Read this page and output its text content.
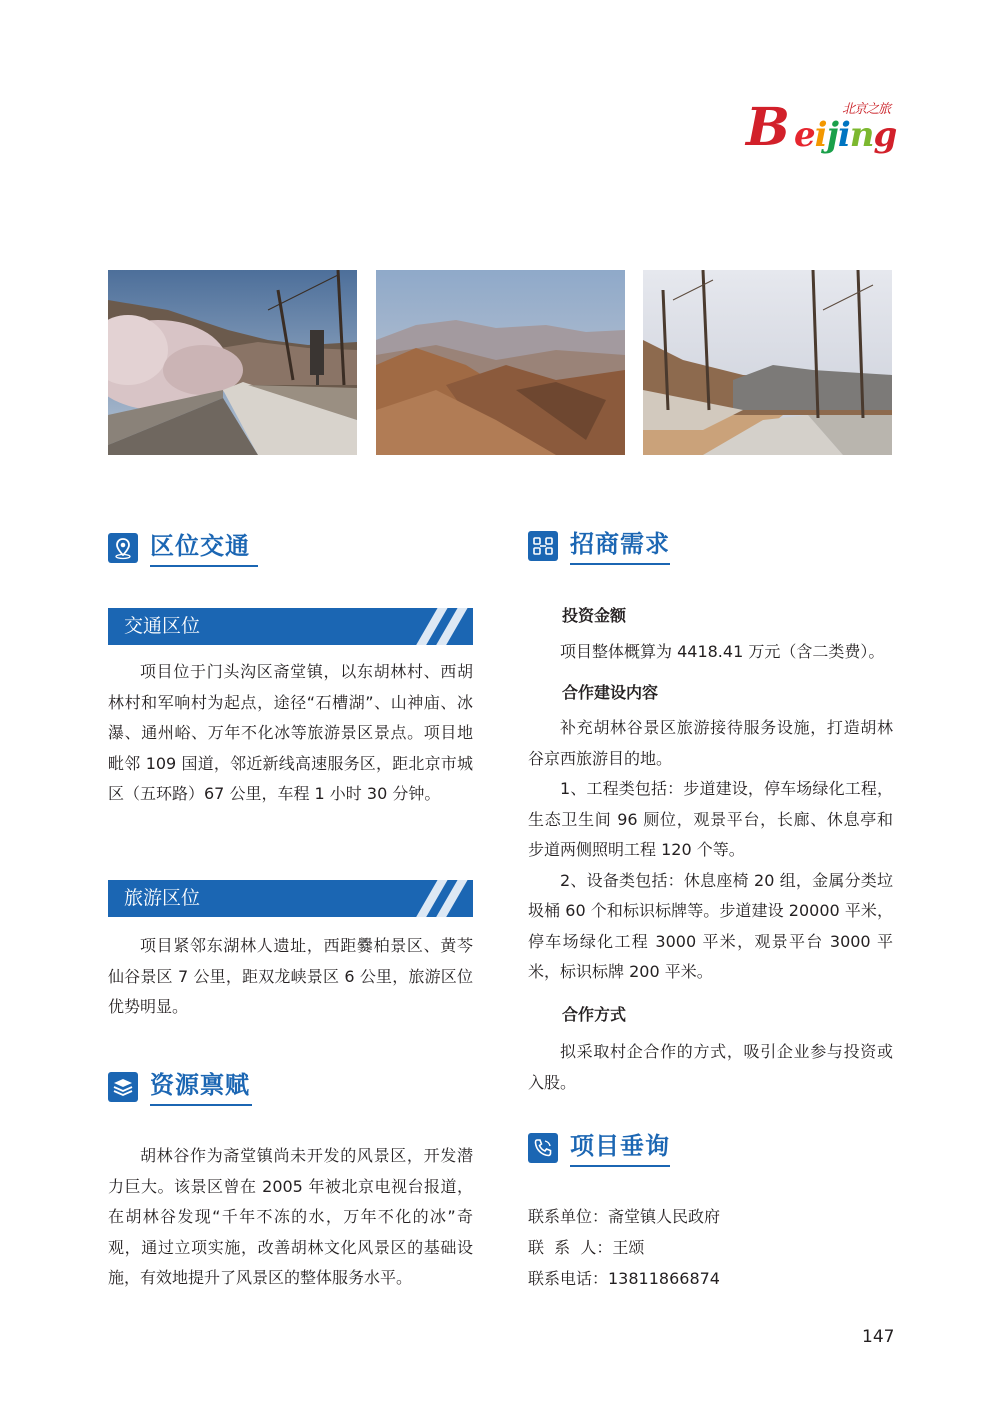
北京之旅
B eijing
区位交通
交通区位

项目位于门头沟区斋堂镇，以东胡林村、西胡林村和军响村为起点，途径“石槽湖”、山神庙、冰瀑、通州峪、万年不化冰等旅游景区景点。项目地毗邻 109 国道，邻近新线高速服务区，距北京市城区（五环路）67 公里，车程 1 小时 30 分钟。

旅游区位

项目紧邻东湖林人遗址，西距爨柏景区、黄芩仙谷景区 7 公里，距双龙峡景区 6 公里，旅游区位优势明显。

资源禀赋

胡林谷作为斋堂镇尚未开发的风景区，开发潜力巨大。该景区曾在 2005 年被北京电视台报道，在胡林谷发现“千年不冻的水，万年不化的冰”奇观，通过立项实施，改善胡林文化风景区的基础设施，有效地提升了风景区的整体服务水平。

招商需求
投资金额

项目整体概算为 4418.41 万元（含二类费）。

合作建设内容

补充胡林谷景区旅游接待服务设施，打造胡林谷京西旅游目的地。

1、工程类包括：步道建设，停车场绿化工程，生态卫生间 96 厕位，观景平台，长廊、休息亭和步道两侧照明工程 120 个等。

2、设备类包括：休息座椅 20 组，金属分类垃圾桶 60 个和标识标牌等。步道建设 20000 平米，停车场绿化工程 3000 平米，观景平台 3000 平米，标识标牌 200 平米。

合作方式

拟采取村企合作的方式，吸引企业参与投资或入股。

项目垂询
联系单位：斋堂镇人民政府
联  系  人：王颂
联系电话：13811866874
147
